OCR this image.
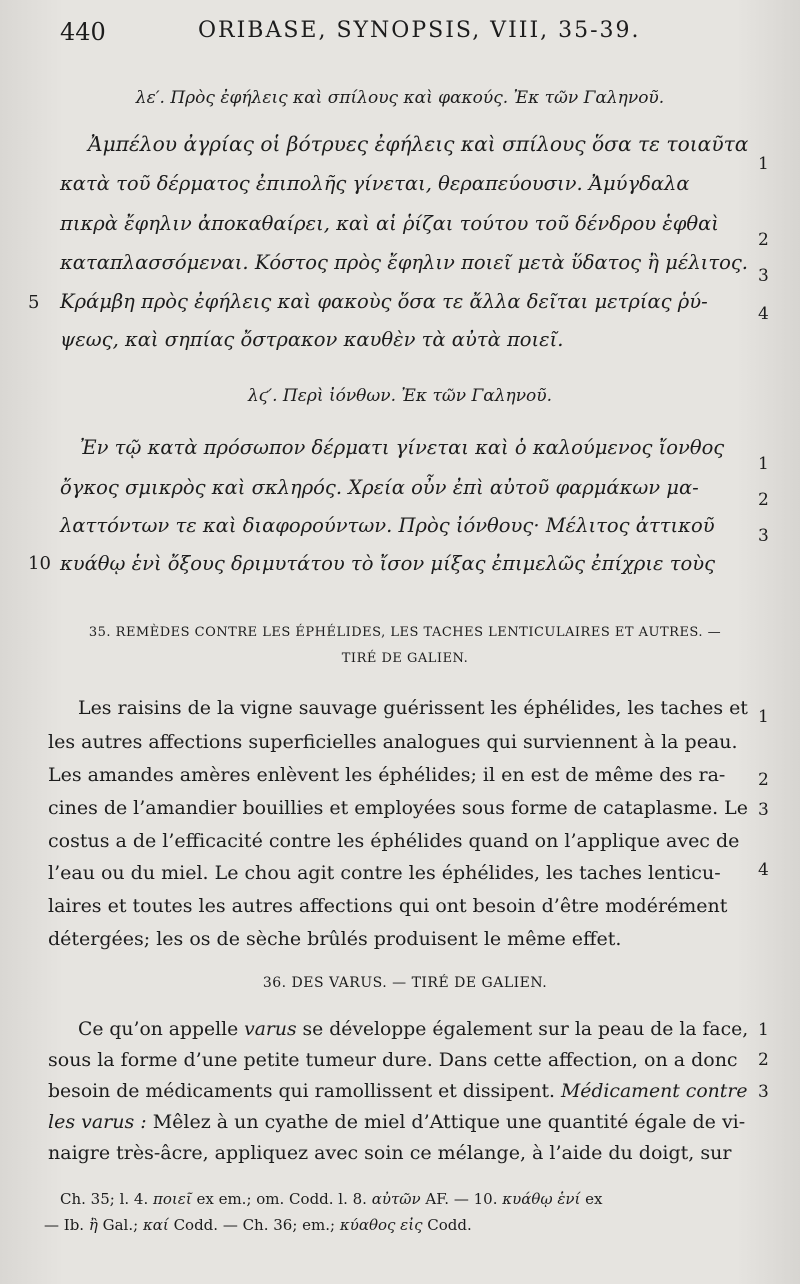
440	ORIBASE, SYNOPSIS, VIII, 35-39.
λε′. Πρὸς ἐφήλεις καὶ σπίλους καὶ φακούς. Ἐκ τῶν Γαληνοῦ.
Ἀμπέλου ἀγρίας οἱ βότρυες ἐφήλεις καὶ σπίλους ὅσα τε τοιαῦτα
κατὰ τοῦ δέρματος ἐπιπολῆς γίνεται, θεραπεύουσιν. Ἀμύγδαλα
πικρὰ ἔφηλιν ἀποκαθαίρει, καὶ αἱ ῥίζαι τούτου τοῦ δένδρου ἑφθαὶ
καταπλασσόμεναι. Κόστος πρὸς ἔφηλιν ποιεῖ μετὰ ὕδατος ἢ μέλιτος.
Κράμβη πρὸς ἐφήλεις καὶ φακοὺς ὅσα τε ἄλλα δεῖται μετρίας ῥύ-
ψεως, καὶ σηπίας ὄστρακον καυθὲν τὰ αὐτὰ ποιεῖ.
5
1
2
3
4
λϛ′. Περὶ ἰόνθων. Ἐκ τῶν Γαληνοῦ.
Ἐν τῷ κατὰ πρόσωπον δέρματι γίνεται καὶ ὁ καλούμενος ἴονθος
ὄγκος σμικρὸς καὶ σκληρός. Χρεία οὖν ἐπὶ αὐτοῦ φαρμάκων μα-
λαττόντων τε καὶ διαφορούντων. Πρὸς ἰόνθους· Μέλιτος ἀττικοῦ
κυάθῳ ἑνὶ ὄξους δριμυτάτου τὸ ἴσον μίξας ἐπιμελῶς ἐπίχριε τοὺς
10
1
2
3
35. REMÈDES CONTRE LES ÉPHÉLIDES, LES TACHES LENTICULAIRES ET AUTRES. —
TIRÉ DE GALIEN.
Les raisins de la vigne sauvage guérissent les éphélides, les taches et
les autres affections superficielles analogues qui surviennent à la peau.
Les amandes amères enlèvent les éphélides; il en est de même des ra-
cines de l’amandier bouillies et employées sous forme de cataplasme. Le
costus a de l’efficacité contre les éphélides quand on l’applique avec de
l’eau ou du miel. Le chou agit contre les éphélides, les taches lenticu-
laires et toutes les autres affections qui ont besoin d’être modérément
détergées; les os de sèche brûlés produisent le même effet.
1
2
3
4
36. DES VARUS. — TIRÉ DE GALIEN.
Ce qu’on appelle varus se développe également sur la peau de la face,
sous la forme d’une petite tumeur dure. Dans cette affection, on a donc
besoin de médicaments qui ramollissent et dissipent. Médicament contre
les varus : Mêlez à un cyathe de miel d’Attique une quantité égale de vi-
naigre très-âcre, appliquez avec soin ce mélange, à l’aide du doigt, sur
1
2
3
Ch. 35; l. 4. ποιεῖ ex em.; om. Codd. l. 8. αὐτῶν AF. — 10. κυάθῳ ἑνί ex
— Ib. ἢ Gal.; καί Codd. — Ch. 36; em.; κύαθος εἰς Codd.
